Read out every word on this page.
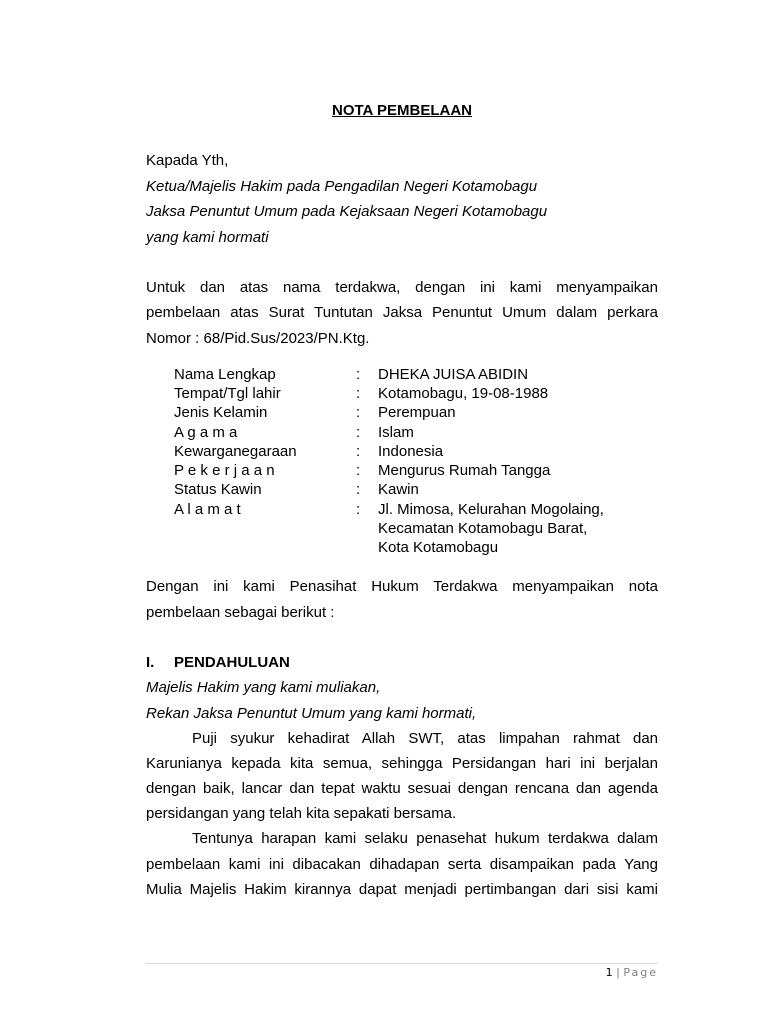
NOTA PEMBELAAN

Kapada Yth,

Ketua/Majelis Hakim pada Pengadilan Negeri Kotamobagu

Jaksa Penuntut Umum pada Kejaksaan Negeri Kotamobagu

yang kami hormati

Untuk dan atas nama terdakwa, dengan ini kami menyampaikan

pembelaan atas Surat Tuntutan Jaksa Penuntut Umum dalam perkara

Nomor : 68/Pid.Sus/2023/PN.Ktg.

Nama Lengkap	: DHEKA JUISA ABIDIN

Tempat/Tgl lahir	: Kotamobagu, 19-08-1988

Jenis Kelamin	: Perempuan

A g a m a	: Islam

Kewarganegaraan	: Indonesia

P e k e r j a a n	: Mengurus Rumah Tangga

Status Kawin	: Kawin

A l a m a t	: Jl. Mimosa, Kelurahan Mogolaing,

Kecamatan Kotamobagu Barat,

Kota Kotamobagu

Dengan ini kami Penasihat Hukum Terdakwa menyampaikan nota

pembelaan sebagai berikut :

I. PENDAHULUAN

Majelis Hakim yang kami muliakan,

Rekan Jaksa Penuntut Umum yang kami hormati,

Puji syukur kehadirat Allah SWT, atas limpahan rahmat dan

Karunianya kepada kita semua, sehingga Persidangan hari ini berjalan

dengan baik, lancar dan tepat waktu sesuai dengan rencana dan agenda

persidangan yang telah kita sepakati bersama.

Tentunya harapan kami selaku penasehat hukum terdakwa dalam

pembelaan kami ini dibacakan dihadapan serta disampaikan pada Yang

Mulia Majelis Hakim kirannya dapat menjadi pertimbangan dari sisi kami

1 | Page
